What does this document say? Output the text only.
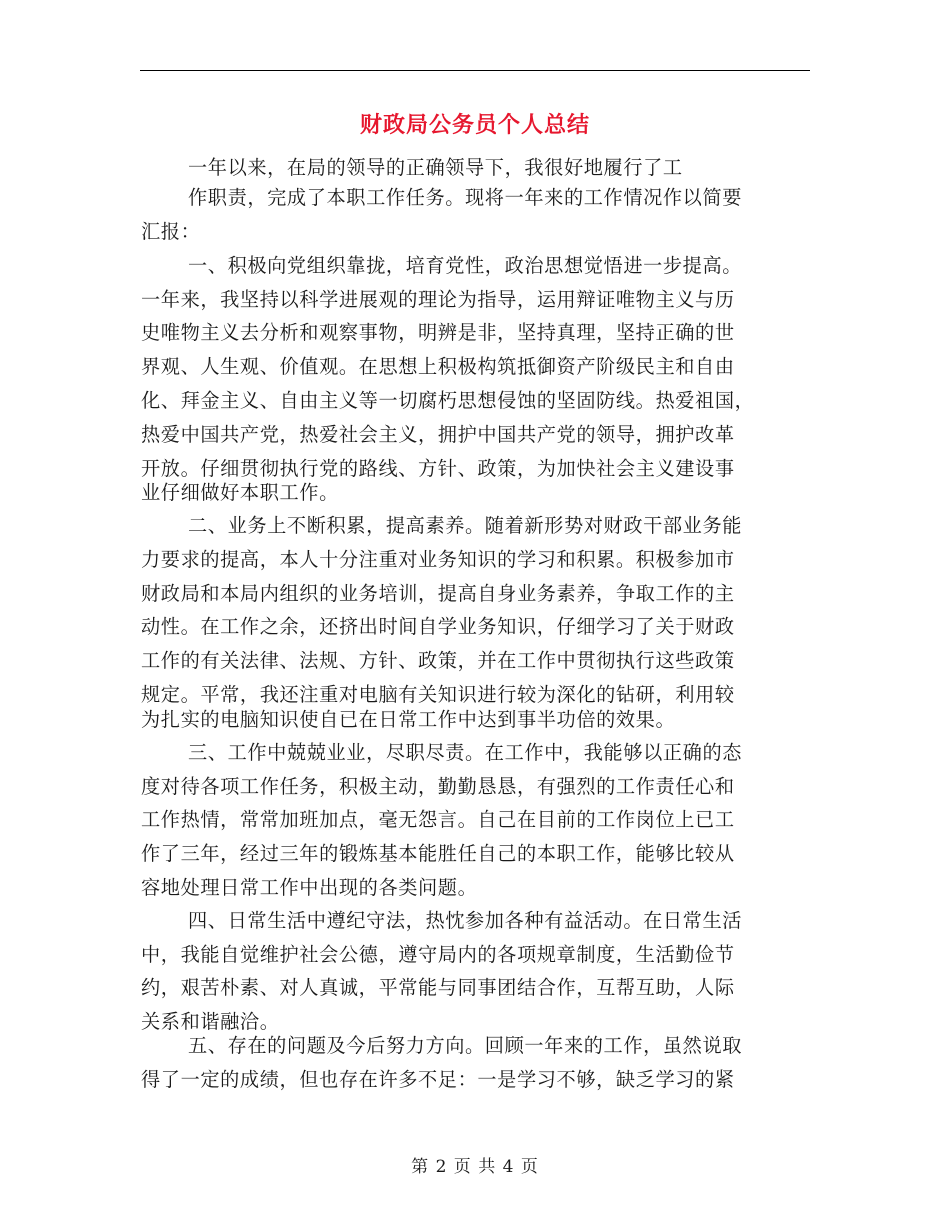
财政局公务员个人总结
一年以来，在局的领导的正确领导下，我很好地履行了工
作职责，完成了本职工作任务。现将一年来的工作情况作以简要
汇报：
一、积极向党组织靠拢，培育党性，政治思想觉悟进一步提高。
一年来，我坚持以科学进展观的理论为指导，运用辩证唯物主义与历
史唯物主义去分析和观察事物，明辨是非，坚持真理，坚持正确的世
界观、人生观、价值观。在思想上积极构筑抵御资产阶级民主和自由
化、拜金主义、自由主义等一切腐朽思想侵蚀的坚固防线。热爱祖国，
热爱中国共产党，热爱社会主义，拥护中国共产党的领导，拥护改革
开放。仔细贯彻执行党的路线、方针、政策，为加快社会主义建设事
业仔细做好本职工作。
二、业务上不断积累，提高素养。随着新形势对财政干部业务能
力要求的提高，本人十分注重对业务知识的学习和积累。积极参加市
财政局和本局内组织的业务培训，提高自身业务素养，争取工作的主
动性。在工作之余，还挤出时间自学业务知识，仔细学习了关于财政
工作的有关法律、法规、方针、政策，并在工作中贯彻执行这些政策
规定。平常，我还注重对电脑有关知识进行较为深化的钻研，利用较
为扎实的电脑知识使自已在日常工作中达到事半功倍的效果。
三、工作中兢兢业业，尽职尽责。在工作中，我能够以正确的态
度对待各项工作任务，积极主动，勤勤恳恳，有强烈的工作责任心和
工作热情，常常加班加点，毫无怨言。自己在目前的工作岗位上已工
作了三年，经过三年的锻炼基本能胜任自己的本职工作，能够比较从
容地处理日常工作中出现的各类问题。
四、日常生活中遵纪守法，热忱参加各种有益活动。在日常生活
中，我能自觉维护社会公德，遵守局内的各项规章制度，生活勤俭节
约，艰苦朴素、对人真诚，平常能与同事团结合作，互帮互助，人际
关系和谐融洽。
五、存在的问题及今后努力方向。回顾一年来的工作，虽然说取
得了一定的成绩，但也存在许多不足：一是学习不够，缺乏学习的紧
第 2 页 共 4 页
